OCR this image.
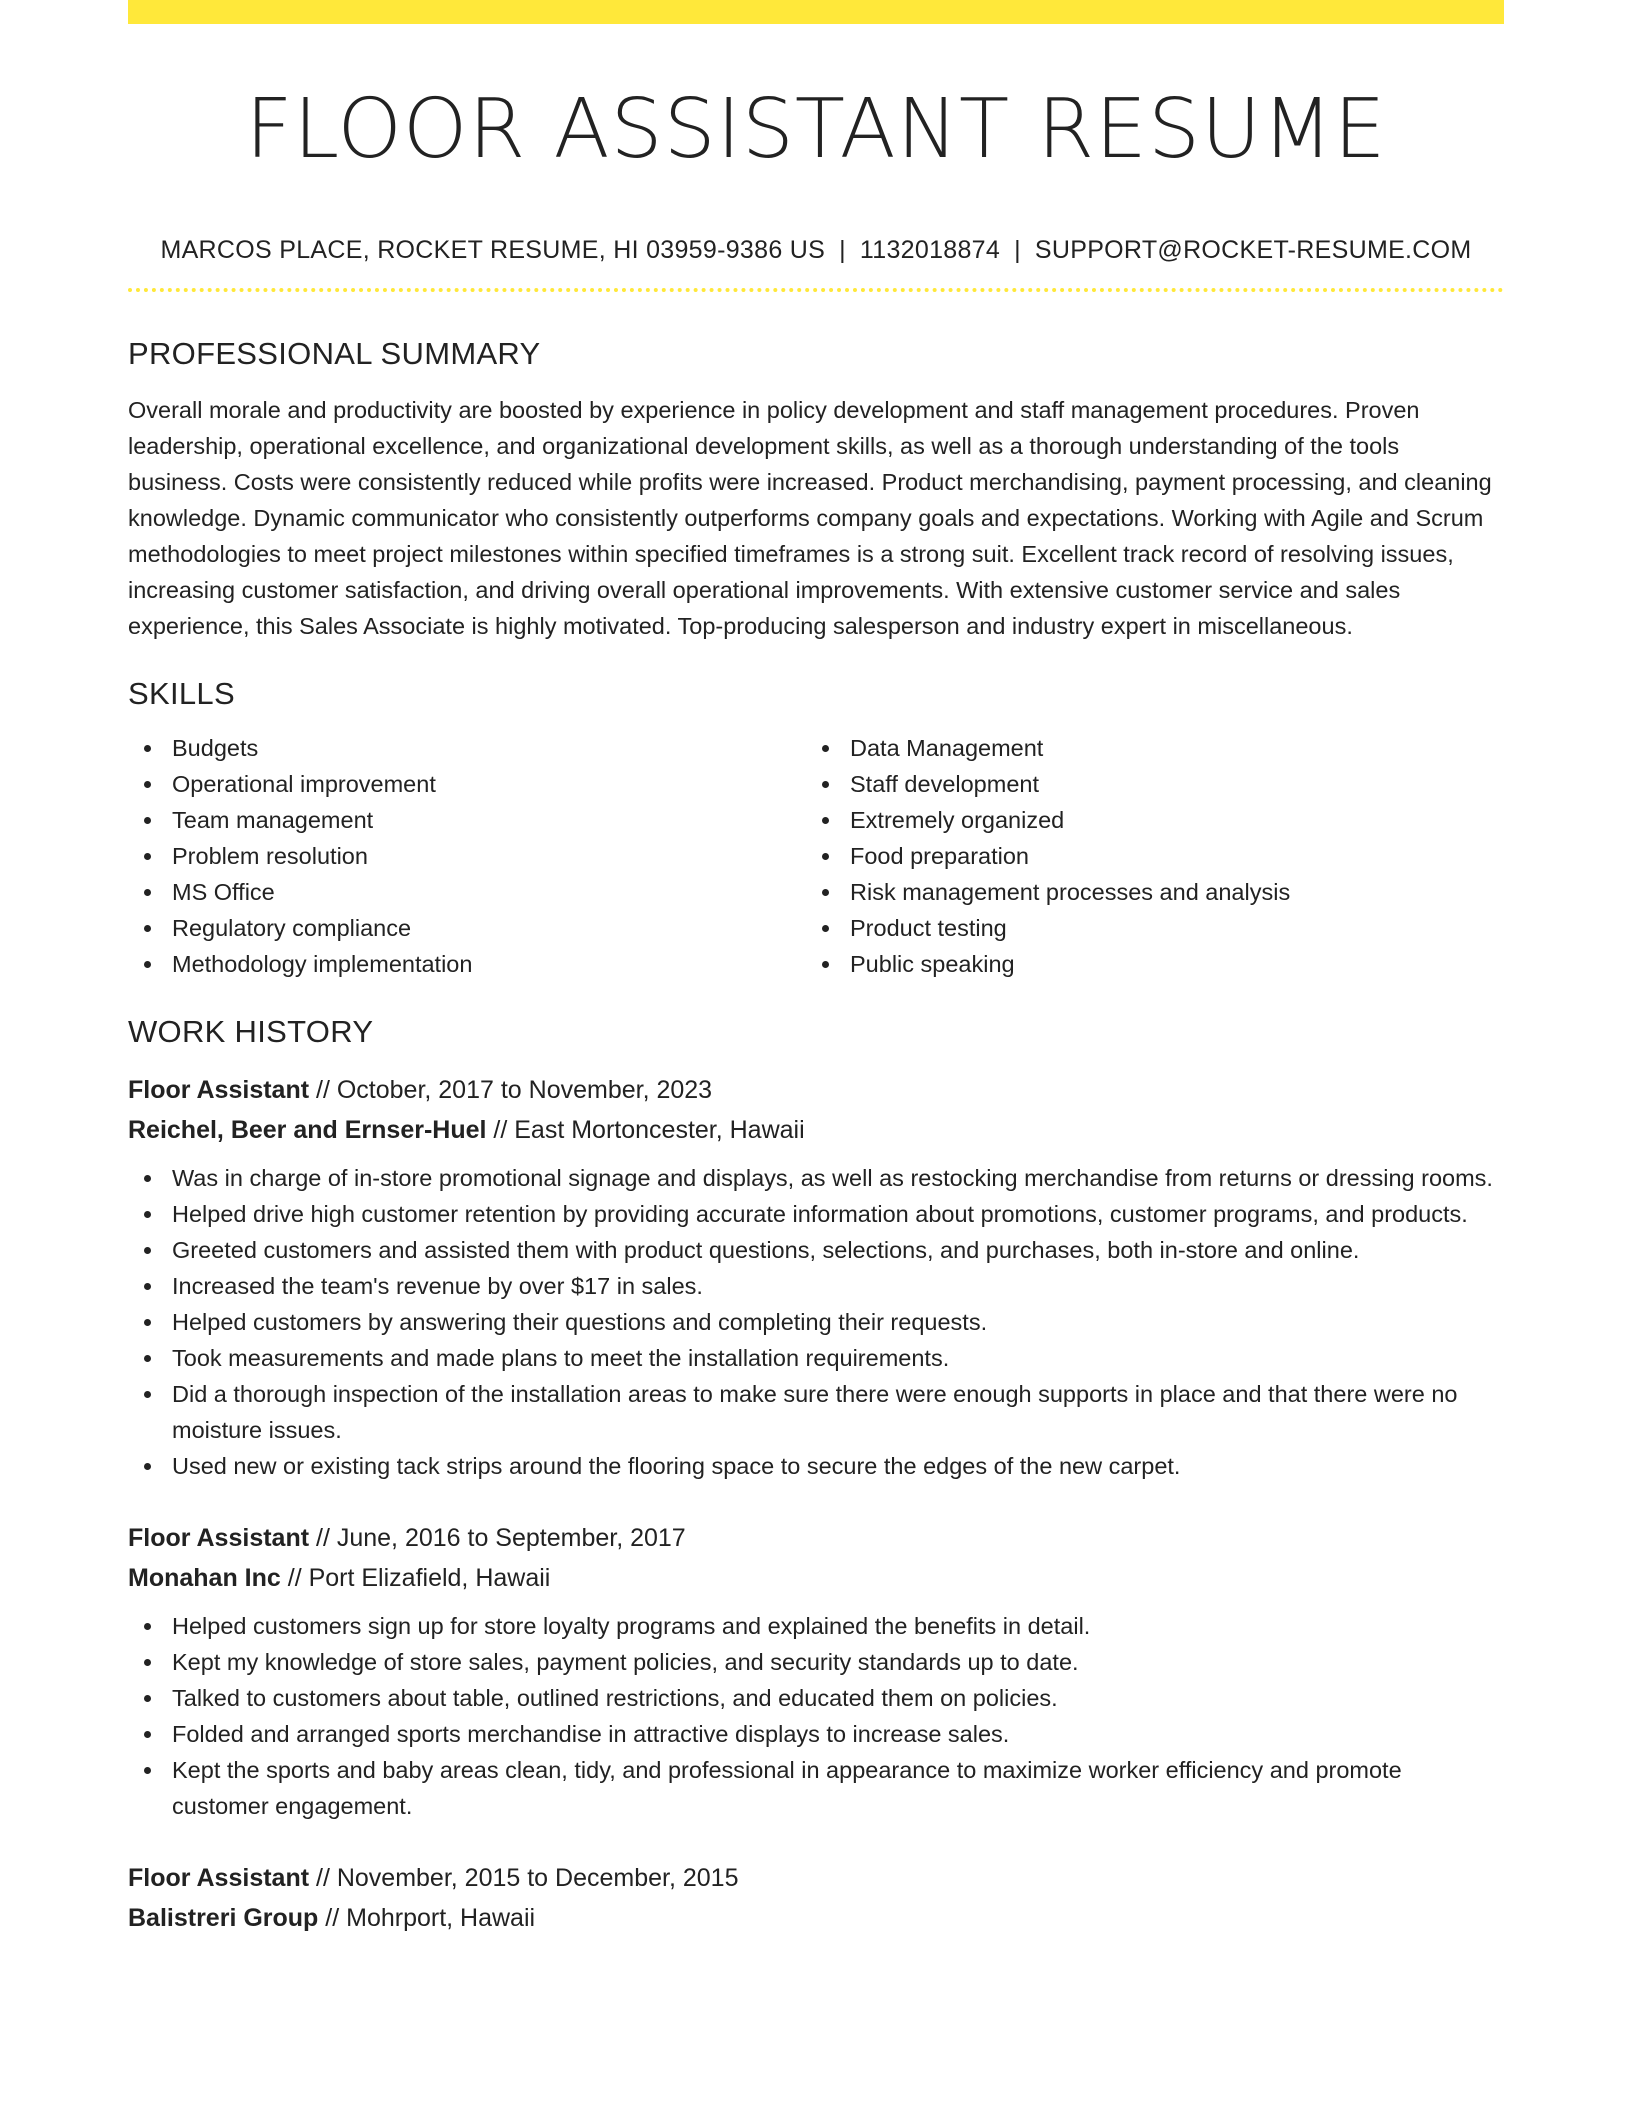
FLOOR ASSISTANT RESUME
MARCOS PLACE, ROCKET RESUME, HI 03959-9386 US | 1132018874 | SUPPORT@ROCKET-RESUME.COM
PROFESSIONAL SUMMARY

Overall morale and productivity are boosted by experience in policy development and staff management procedures. Proven leadership, operational excellence, and organizational development skills, as well as a thorough understanding of the tools business. Costs were consistently reduced while profits were increased. Product merchandising, payment processing, and cleaning knowledge. Dynamic communicator who consistently outperforms company goals and expectations. Working with Agile and Scrum methodologies to meet project milestones within specified timeframes is a strong suit. Excellent track record of resolving issues, increasing customer satisfaction, and driving overall operational improvements. With extensive customer service and sales experience, this Sales Associate is highly motivated. Top-producing salesperson and industry expert in miscellaneous.

SKILLS
Budgets
Operational improvement
Team management
Problem resolution
MS Office
Regulatory compliance
Methodology implementation
Data Management
Staff development
Extremely organized
Food preparation
Risk management processes and analysis
Product testing
Public speaking
WORK HISTORY
Floor Assistant // October, 2017 to November, 2023
Reichel, Beer and Ernser-Huel // East Mortoncester, Hawaii
Was in charge of in-store promotional signage and displays, as well as restocking merchandise from returns or dressing rooms.
Helped drive high customer retention by providing accurate information about promotions, customer programs, and products.
Greeted customers and assisted them with product questions, selections, and purchases, both in-store and online.
Increased the team's revenue by over $17 in sales.
Helped customers by answering their questions and completing their requests.
Took measurements and made plans to meet the installation requirements.
Did a thorough inspection of the installation areas to make sure there were enough supports in place and that there were no moisture issues.
Used new or existing tack strips around the flooring space to secure the edges of the new carpet.
Floor Assistant // June, 2016 to September, 2017
Monahan Inc // Port Elizafield, Hawaii
Helped customers sign up for store loyalty programs and explained the benefits in detail.
Kept my knowledge of store sales, payment policies, and security standards up to date.
Talked to customers about table, outlined restrictions, and educated them on policies.
Folded and arranged sports merchandise in attractive displays to increase sales.
Kept the sports and baby areas clean, tidy, and professional in appearance to maximize worker efficiency and promote customer engagement.
Floor Assistant // November, 2015 to December, 2015
Balistreri Group // Mohrport, Hawaii
